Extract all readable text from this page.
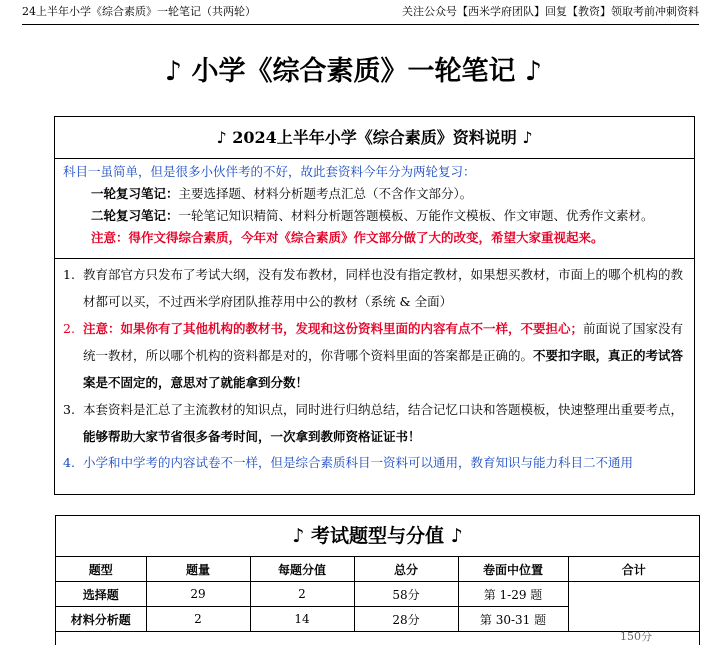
24上半年小学《综合素质》一轮笔记（共两轮）	关注公众号【西米学府团队】回复【教资】领取考前冲刺资料
♪ 小学《综合素质》一轮笔记 ♪
♪ 2024上半年小学《综合素质》资料说明 ♪
科目一虽简单，但是很多小伙伴考的不好，故此套资料今年分为两轮复习：
一轮复习笔记：主要选择题、材料分析题考点汇总（不含作文部分）。
二轮复习笔记：一轮笔记知识精简、材料分析题答题模板、万能作文模板、作文审题、优秀作文素材。
注意：得作文得综合素质，今年对《综合素质》作文部分做了大的改变，希望大家重视起来。
1. 教育部官方只发布了考试大纲，没有发布教材，同样也没有指定教材，如果想买教材，市面上的哪个机构的教材都可以买，不过西米学府团队推荐用中公的教材（系统 & 全面）
2. 注意：如果你有了其他机构的教材书，发现和这份资料里面的内容有点不一样，不要担心；前面说了国家没有统一教材，所以哪个机构的资料都是对的，你背哪个资料里面的答案都是正确的。不要扣字眼，真正的考试答案是不固定的，意思对了就能拿到分数！
3. 本套资料是汇总了主流教材的知识点，同时进行归纳总结，结合记忆口诀和答题模板，快速整理出重要考点，能够帮助大家节省很多备考时间，一次拿到教师资格证证书！
4. 小学和中学考的内容试卷不一样，但是综合素质科目一资料可以通用，教育知识与能力科目二不通用
♪ 考试题型与分值 ♪
题型	题量	每题分值	总分	卷面中位置	合计
选择题	29	2	58分	第 1-29 题	
材料分析题	2	14	28分	第 30-31 题	
150分
